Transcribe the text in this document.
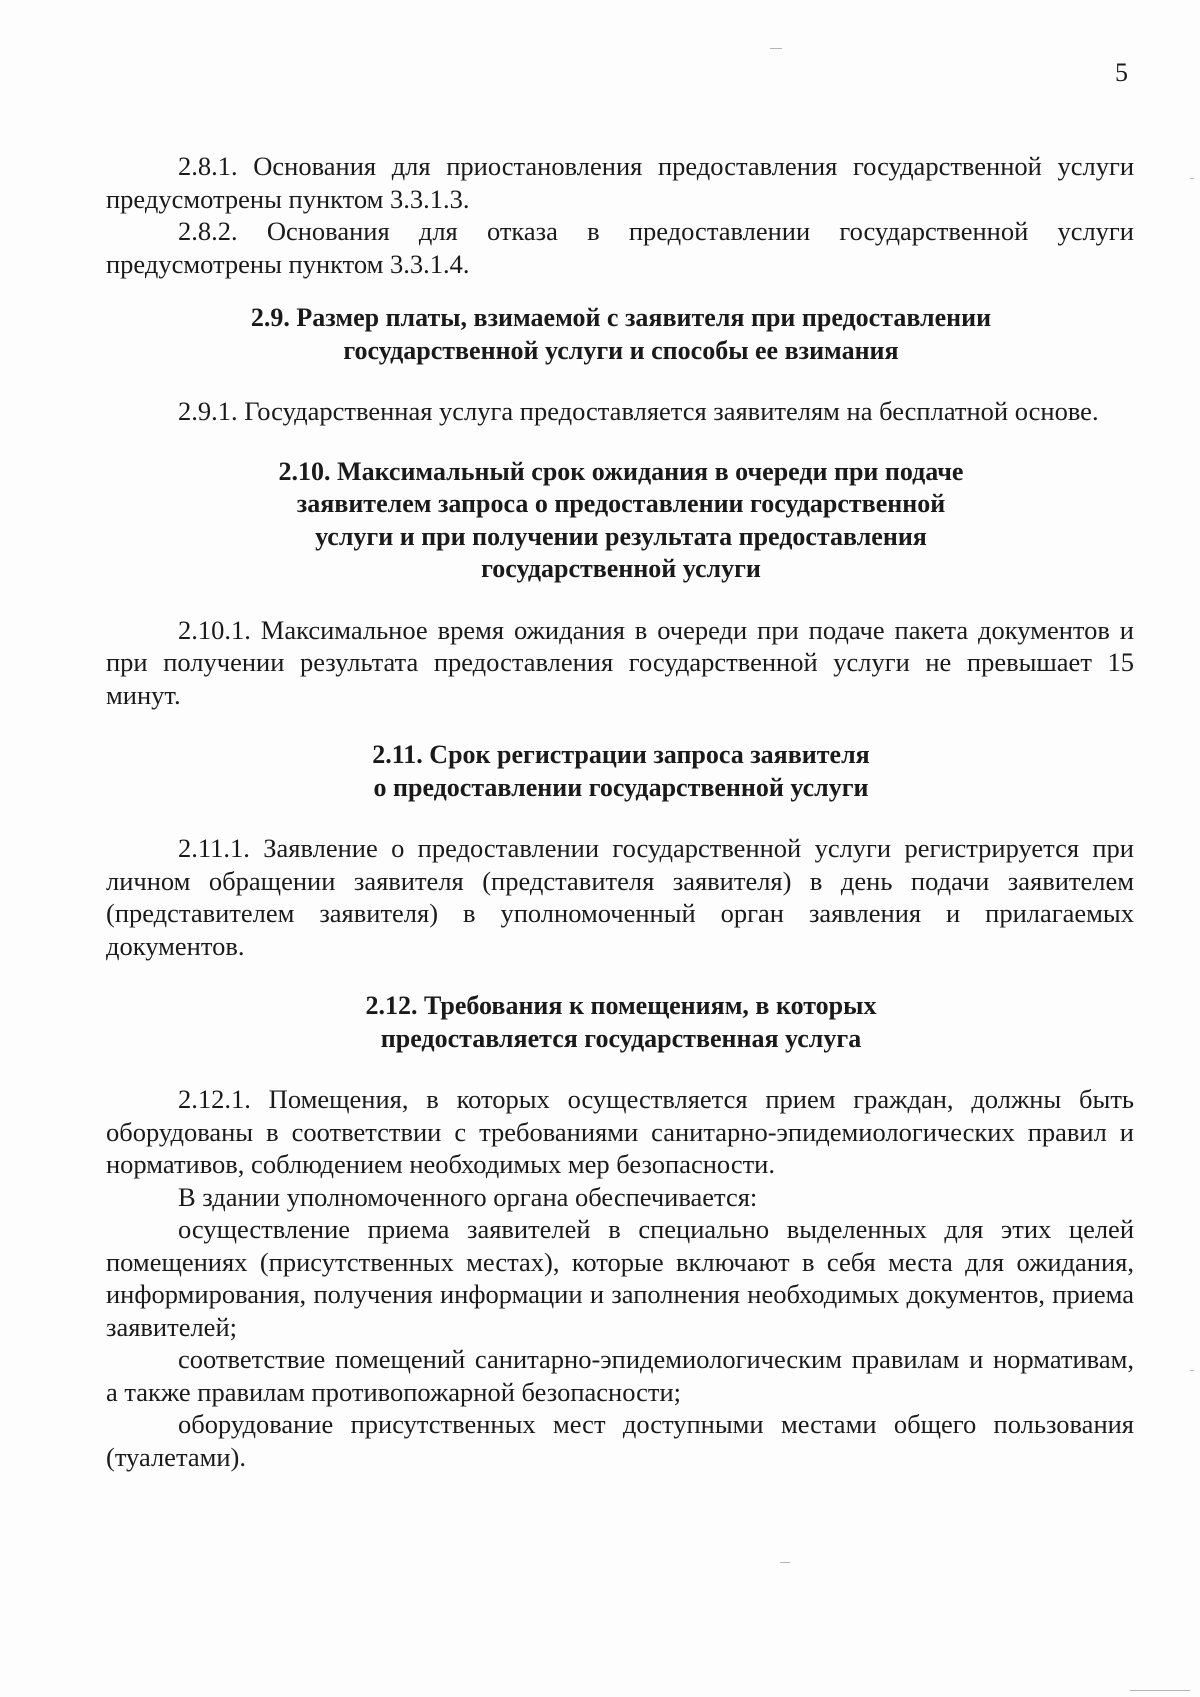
5

2.8.1. Основания для приостановления предоставления государственной услуги предусмотрены пунктом 3.3.1.3.

2.8.2. Основания для отказа в предоставлении государственной услуги предусмотрены пунктом 3.3.1.4.

2.9. Размер платы, взимаемой с заявителя при предоставлении
государственной услуги и способы ее взимания

2.9.1. Государственная услуга предоставляется заявителям на бесплатной основе.

2.10. Максимальный срок ожидания в очереди при подаче
заявителем запроса о предоставлении государственной
услуги и при получении результата предоставления
государственной услуги

2.10.1. Максимальное время ожидания в очереди при подаче пакета документов и при получении результата предоставления государственной услуги не превышает 15 минут.

2.11. Срок регистрации запроса заявителя
о предоставлении государственной услуги

2.11.1. Заявление о предоставлении государственной услуги регистрируется при личном обращении заявителя (представителя заявителя) в день подачи заявителем (представителем заявителя) в уполномоченный орган заявления и прилагаемых документов.

2.12. Требования к помещениям, в которых
предоставляется государственная услуга

2.12.1. Помещения, в которых осуществляется прием граждан, должны быть оборудованы в соответствии с требованиями санитарно-эпидемиологических правил и нормативов, соблюдением необходимых мер безопасности.

В здании уполномоченного органа обеспечивается:

осуществление приема заявителей в специально выделенных для этих целей помещениях (присутственных местах), которые включают в себя места для ожидания, информирования, получения информации и заполнения необходимых документов, приема заявителей;

соответствие помещений санитарно-эпидемиологическим правилам и нормативам, а также правилам противопожарной безопасности;

оборудование присутственных мест доступными местами общего пользования (туалетами).
